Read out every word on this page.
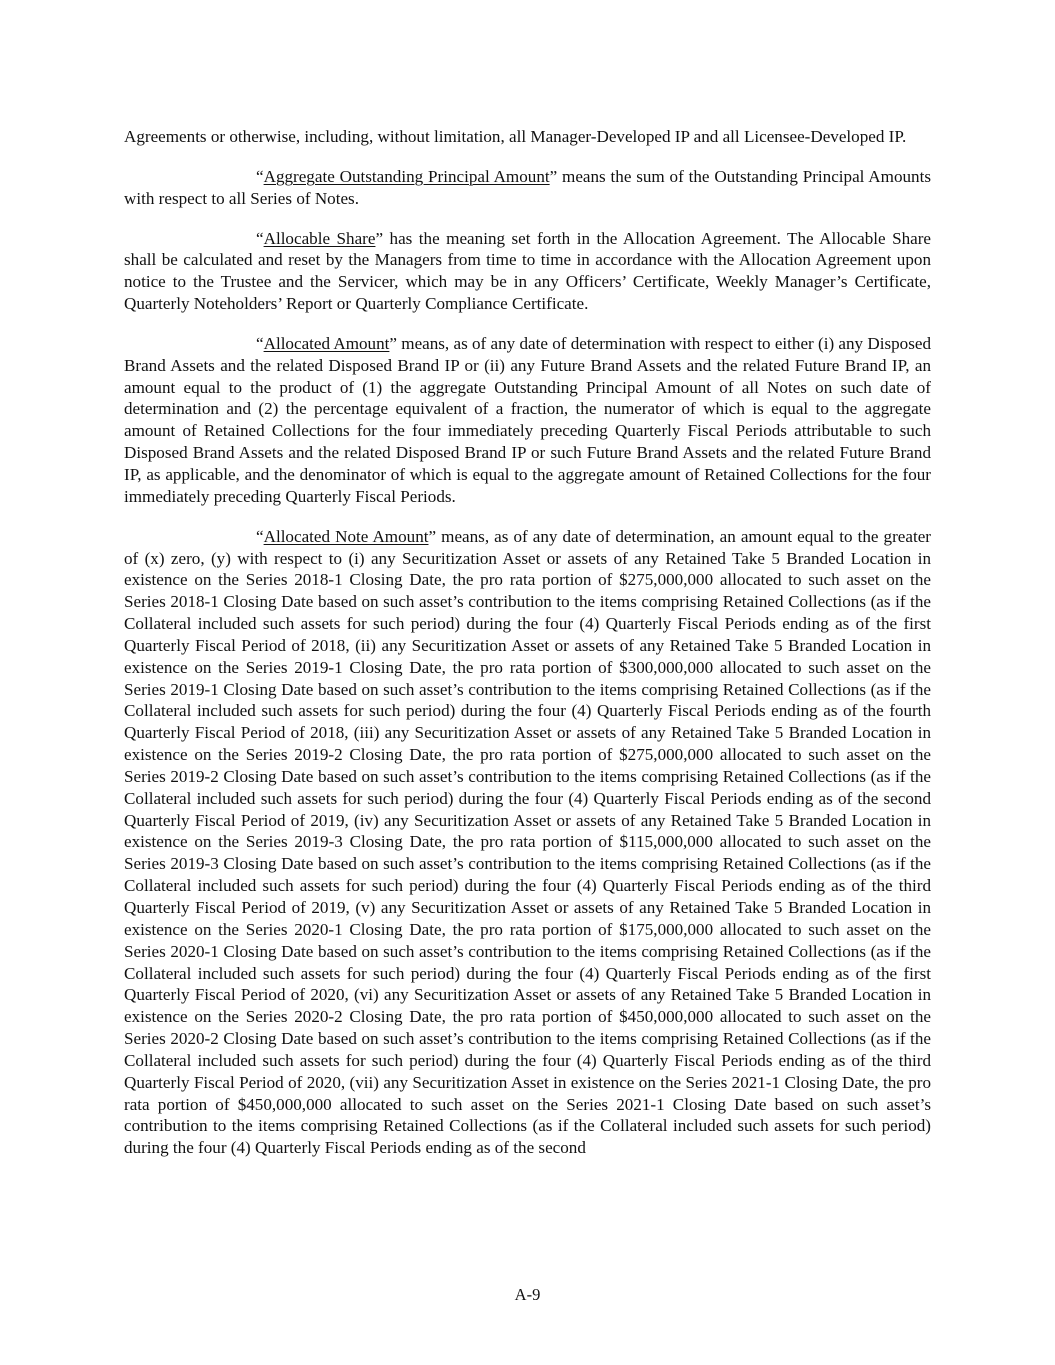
Agreements or otherwise, including, without limitation, all Manager-Developed IP and all Licensee-Developed IP.

“Aggregate Outstanding Principal Amount” means the sum of the Outstanding Principal Amounts with respect to all Series of Notes.

“Allocable Share” has the meaning set forth in the Allocation Agreement. The Allocable Share shall be calculated and reset by the Managers from time to time in accordance with the Allocation Agreement upon notice to the Trustee and the Servicer, which may be in any Officers’ Certificate, Weekly Manager’s Certificate, Quarterly Noteholders’ Report or Quarterly Compliance Certificate.

“Allocated Amount” means, as of any date of determination with respect to either (i) any Disposed Brand Assets and the related Disposed Brand IP or (ii) any Future Brand Assets and the related Future Brand IP, an amount equal to the product of (1) the aggregate Outstanding Principal Amount of all Notes on such date of determination and (2) the percentage equivalent of a fraction, the numerator of which is equal to the aggregate amount of Retained Collections for the four immediately preceding Quarterly Fiscal Periods attributable to such Disposed Brand Assets and the related Disposed Brand IP or such Future Brand Assets and the related Future Brand IP, as applicable, and the denominator of which is equal to the aggregate amount of Retained Collections for the four immediately preceding Quarterly Fiscal Periods.

“Allocated Note Amount” means, as of any date of determination, an amount equal to the greater of (x) zero, (y) with respect to (i) any Securitization Asset or assets of any Retained Take 5 Branded Location in existence on the Series 2018-1 Closing Date, the pro rata portion of $275,000,000 allocated to such asset on the Series 2018-1 Closing Date based on such asset’s contribution to the items comprising Retained Collections (as if the Collateral included such assets for such period) during the four (4) Quarterly Fiscal Periods ending as of the first Quarterly Fiscal Period of 2018, (ii) any Securitization Asset or assets of any Retained Take 5 Branded Location in existence on the Series 2019-1 Closing Date, the pro rata portion of $300,000,000 allocated to such asset on the Series 2019-1 Closing Date based on such asset’s contribution to the items comprising Retained Collections (as if the Collateral included such assets for such period) during the four (4) Quarterly Fiscal Periods ending as of the fourth Quarterly Fiscal Period of 2018, (iii) any Securitization Asset or assets of any Retained Take 5 Branded Location in existence on the Series 2019-2 Closing Date, the pro rata portion of $275,000,000 allocated to such asset on the Series 2019-2 Closing Date based on such asset’s contribution to the items comprising Retained Collections (as if the Collateral included such assets for such period) during the four (4) Quarterly Fiscal Periods ending as of the second Quarterly Fiscal Period of 2019, (iv) any Securitization Asset or assets of any Retained Take 5 Branded Location in existence on the Series 2019-3 Closing Date, the pro rata portion of $115,000,000 allocated to such asset on the Series 2019-3 Closing Date based on such asset’s contribution to the items comprising Retained Collections (as if the Collateral included such assets for such period) during the four (4) Quarterly Fiscal Periods ending as of the third Quarterly Fiscal Period of 2019, (v) any Securitization Asset or assets of any Retained Take 5 Branded Location in existence on the Series 2020-1 Closing Date, the pro rata portion of $175,000,000 allocated to such asset on the Series 2020-1 Closing Date based on such asset’s contribution to the items comprising Retained Collections (as if the Collateral included such assets for such period) during the four (4) Quarterly Fiscal Periods ending as of the first Quarterly Fiscal Period of 2020, (vi) any Securitization Asset or assets of any Retained Take 5 Branded Location in existence on the Series 2020-2 Closing Date, the pro rata portion of $450,000,000 allocated to such asset on the Series 2020-2 Closing Date based on such asset’s contribution to the items comprising Retained Collections (as if the Collateral included such assets for such period) during the four (4) Quarterly Fiscal Periods ending as of the third Quarterly Fiscal Period of 2020, (vii) any Securitization Asset in existence on the Series 2021-1 Closing Date, the pro rata portion of $450,000,000 allocated to such asset on the Series 2021-1 Closing Date based on such asset’s contribution to the items comprising Retained Collections (as if the Collateral included such assets for such period) during the four (4) Quarterly Fiscal Periods ending as of the second

A-9
